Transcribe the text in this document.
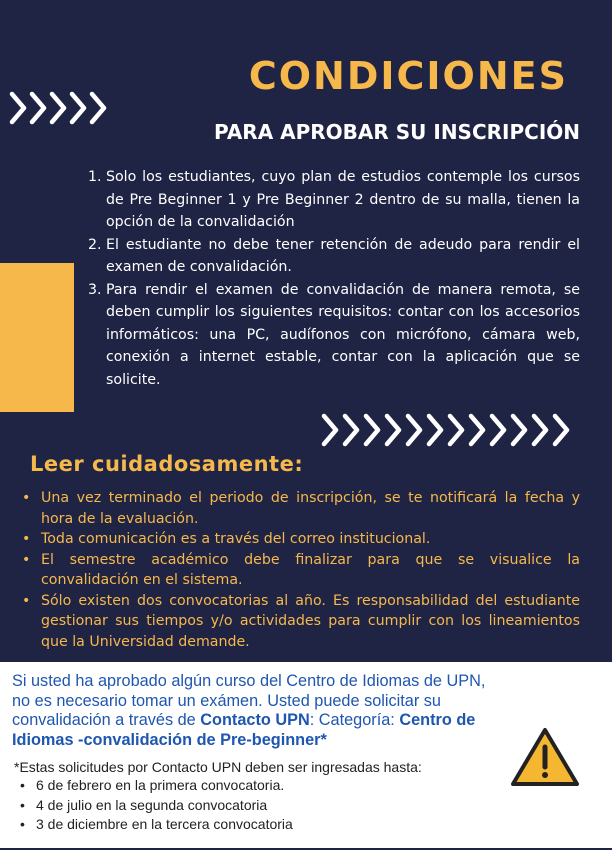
CONDICIONES
PARA APROBAR SU INSCRIPCIÓN
1. Solo los estudiantes, cuyo plan de estudios contemple los cursos de Pre Beginner 1 y Pre Beginner 2 dentro de su malla, tienen la opción de la convalidación
2. El estudiante no debe tener retención de adeudo para rendir el examen de convalidación.
3. Para rendir el examen de convalidación de manera remota, se deben cumplir los siguientes requisitos: contar con los accesorios informáticos: una PC, audífonos con micrófono, cámara web, conexión a internet estable, contar con la aplicación que se solicite.
Leer cuidadosamente:
• Una vez terminado el periodo de inscripción, se te notificará la fecha y hora de la evaluación.
• Toda comunicación es a través del correo institucional.
• El semestre académico debe finalizar para que se visualice la convalidación en el sistema.
• Sólo existen dos convocatorias al año. Es responsabilidad del estudiante gestionar sus tiempos y/o actividades para cumplir con los lineamientos que la Universidad demande.

Si usted ha aprobado algún curso del Centro de Idiomas de UPN, no es necesario tomar un exámen. Usted puede solicitar su convalidación a través de Contacto UPN: Categoría: Centro de Idiomas -convalidación de Pre-beginner*

*Estas solicitudes por Contacto UPN deben ser ingresadas hasta:

• 6 de febrero en la primera convocatoria.
• 4 de julio en la segunda convocatoria
• 3 de diciembre en la tercera convocatoria
